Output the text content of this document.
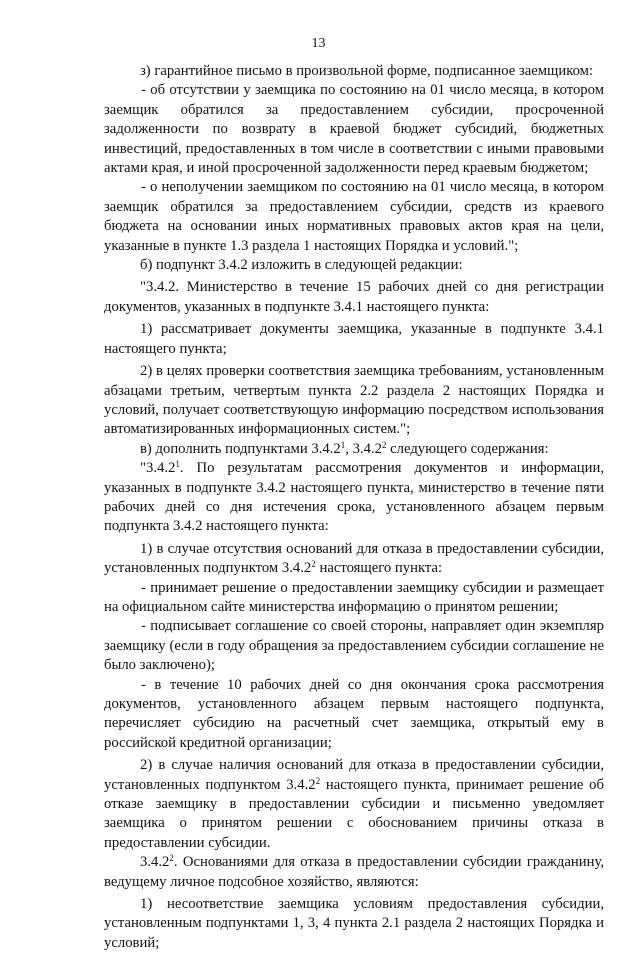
13

з) гарантийное письмо в произвольной форме, подписанное заемщиком:

- об отсутствии у заемщика по состоянию на 01 число месяца, в котором заемщик обратился за предоставлением субсидии, просроченной задолженности по возврату в краевой бюджет субсидий, бюджетных инвестиций, предоставленных в том числе в соответствии с иными правовыми актами края, и иной просроченной задолженности перед краевым бюджетом;

- о неполучении заемщиком по состоянию на 01 число месяца, в котором заемщик обратился за предоставлением субсидии, средств из краевого бюджета на основании иных нормативных правовых актов края на цели, указанные в пункте 1.3 раздела 1 настоящих Порядка и условий.";

б) подпункт 3.4.2 изложить в следующей редакции:

"3.4.2. Министерство в течение 15 рабочих дней со дня регистрации документов, указанных в подпункте 3.4.1 настоящего пункта:

1) рассматривает документы заемщика, указанные в подпункте 3.4.1 настоящего пункта;

2) в целях проверки соответствия заемщика требованиям, установленным абзацами третьим, четвертым пункта 2.2 раздела 2 настоящих Порядка и условий, получает соответствующую информацию посредством использования автоматизированных информационных систем.";

в) дополнить подпунктами 3.4.2$^1$, 3.4.2$^2$ следующего содержания:

"3.4.2$^1$. По результатам рассмотрения документов и информации, указанных в подпункте 3.4.2 настоящего пункта, министерство в течение пяти рабочих дней со дня истечения срока, установленного абзацем первым подпункта 3.4.2 настоящего пункта:

1) в случае отсутствия оснований для отказа в предоставлении субсидии, установленных подпунктом 3.4.2$^2$ настоящего пункта:

- принимает решение о предоставлении заемщику субсидии и размещает на официальном сайте министерства информацию о принятом решении;

- подписывает соглашение со своей стороны, направляет один экземпляр заемщику (если в году обращения за предоставлением субсидии соглашение не было заключено);

- в течение 10 рабочих дней со дня окончания срока рассмотрения документов, установленного абзацем первым настоящего подпункта, перечисляет субсидию на расчетный счет заемщика, открытый ему в российской кредитной организации;

2) в случае наличия оснований для отказа в предоставлении субсидии, установленных подпунктом 3.4.2$^2$ настоящего пункта, принимает решение об отказе заемщику в предоставлении субсидии и письменно уведомляет заемщика о принятом решении с обоснованием причины отказа в предоставлении субсидии.

3.4.2$^2$. Основаниями для отказа в предоставлении субсидии гражданину, ведущему личное подсобное хозяйство, являются:

1) несоответствие заемщика условиям предоставления субсидии, установленным подпунктами 1, 3, 4 пункта 2.1 раздела 2 настоящих Порядка и условий;
